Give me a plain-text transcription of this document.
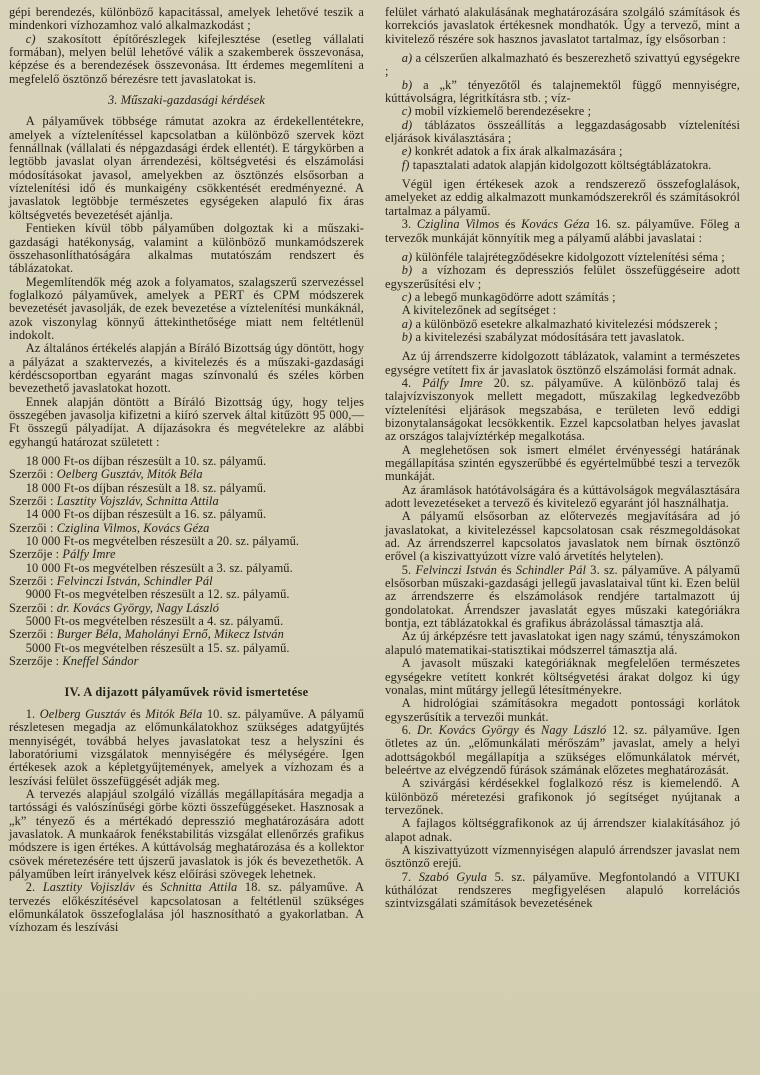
gépi berendezés, különböző kapacitással, amelyek lehetővé teszik a mindenkori vízhozamhoz való alkalmazkodást ;

c) szakosított építőrészlegek kifejlesztése (esetleg vállalati formában), melyen belül lehetővé válik a szakemberek összevonása, képzése és a berendezések összevonása. Itt érdemes megemlíteni a megfelelő ösztönző bérezésre tett javaslatokat is.

3. Műszaki-gazdasági kérdések

A pályaművek többsége rámutat azokra az érdekellentétekre, amelyek a víztelenítéssel kapcsolatban a különböző szervek közt fennállnak (vállalati és népgazdasági érdek ellentét). E tárgykörben a legtöbb javaslat olyan árrendezési, költségvetési és elszámolási módosításokat javasol, amelyekben az ösztönzés elsősorban a víztelenítési idő és munkaigény csökkentését eredményezné. A javaslatok legtöbbje természetes egységeken alapuló fix áras költségvetés bevezetését ajánlja.

Fentieken kívül több pályaműben dolgoztak ki a műszaki-gazdasági hatékonyság, valamint a különböző munkamódszerek összehasonlíthatóságára alkalmas mutatószám rendszert és táblázatokat.

Megemlítendők még azok a folyamatos, szalagszerű szervezéssel foglalkozó pályaművek, amelyek a PERT és CPM módszerek bevezetését javasolják, de ezek bevezetése a víztelenítési munkáknál, azok viszonylag könnyű áttekinthetősége miatt nem feltétlenül indokolt.

Az általános értékelés alapján a Bíráló Bizottság úgy döntött, hogy a pályázat a szaktervezés, a kivitelezés és a műszaki-gazdasági kérdéscsoportban egyaránt magas színvonalú és széles körben bevezethető javaslatokat hozott.

Ennek alapján döntött a Bíráló Bizottság úgy, hogy teljes összegében javasolja kifizetni a kiíró szervek által kitűzött 95 000,— Ft összegű pályadíjat. A díjazásokra és megvételekre az alábbi egyhangú határozat született :

18 000 Ft-os díjban részesült a 10. sz. pályamű.

Szerzői : Oelberg Gusztáv, Mitók Béla

18 000 Ft-os díjban részesült a 18. sz. pályamű.

Szerzői : Lasztity Vojszláv, Schnitta Attila

14 000 Ft-os díjban részesült a 16. sz. pályamű.

Szerzői : Cziglina Vilmos, Kovács Géza

10 000 Ft-os megvételben részesült a 20. sz. pályamű.

Szerzője : Pálfy Imre

10 000 Ft-os megvételben részesült a 3. sz. pályamű.

Szerzői : Felvinczi István, Schindler Pál

9000 Ft-os megvételben részesült a 12. sz. pályamű.

Szerzői : dr. Kovács György, Nagy László

5000 Ft-os megvételben részesült a 4. sz. pályamű.

Szerzői : Burger Béla, Maholányi Ernő, Mikecz István

5000 Ft-os megvételben részesült a 15. sz. pályamű.

Szerzője : Kneffel Sándor

IV. A dijazott pályaművek rövid ismertetése

1. Oelberg Gusztáv és Mitók Béla 10. sz. pályaműve. A pályamű részletesen megadja az előmunkálatokhoz szükséges adatgyűjtés mennyiségét, továbbá helyes javaslatokat tesz a helyszíni és laboratóriumi vizsgálatok mennyiségére és mélységére. Igen értékesek azok a képletgyűjtemények, amelyek a vízhozam és a leszívási felület összefüggését adják meg.

A tervezés alapjául szolgáló vízállás megállapítására megadja a tartóssági és valószínűségi görbe közti összefüggéseket. Hasznosak a „k” tényező és a mértékadó depresszió meghatározására adott javaslatok. A munkaárok fenékstabilitás vizsgálat ellenőrzés grafikus módszere is igen értékes. A kúttávolság meghatározása és a kollektor csövek méretezésére tett újszerű javaslatok is jók és bevezethetők. A pályaműben leírt irányelvek kész előírási szövegek lehetnek.

2. Lasztity Vojiszláv és Schnitta Attila 18. sz. pályaműve. A tervezés előkészítésével kapcsolatosan a feltétlenül szükséges előmunkálatok összefoglalása jól hasznosítható a gyakorlatban. A vízhozam és leszívási

felület várható alakulásának meghatározására szolgáló számítások és korrekciós javaslatok értékesnek mondhatók. Úgy a tervező, mint a kivitelező részére sok hasznos javaslatot tartalmaz, így elsősorban :

a) a célszerűen alkalmazható és beszerezhető szivattyú egységekre ;

b) a „k” tényezőtől és talajnemektől függő mennyiségre, kúttávolságra, légritkításra stb. ; víz-

c) mobil vízkiemelő berendezésekre ;

d) táblázatos összeállítás a leggazdaságosabb víztelenítési eljárások kiválasztására ;

e) konkrét adatok a fix árak alkalmazására ;

f) tapasztalati adatok alapján kidolgozott költségtáblázatokra.

Végül igen értékesek azok a rendszerező összefoglalások, amelyeket az eddig alkalmazott munkamódszerekről és számításokról tartalmaz a pályamű.

3. Cziglina Vilmos és Kovács Géza 16. sz. pályaműve. Főleg a tervezők munkáját könnyítik meg a pályamű alábbi javaslatai :

a) különféle talajrétegződésekre kidolgozott víztelenítési séma ;

b) a vízhozam és depressziós felület összefüggéseire adott egyszerűsítési elv ;

c) a lebegő munkagödörre adott számítás ;

A kivitelezőnek ad segítséget :

a) a különböző esetekre alkalmazható kivitelezési módszerek ;

b) a kivitelezési szabályzat módosítására tett javaslatok.

Az új árrendszerre kidolgozott táblázatok, valamint a természetes egységre vetített fix ár javaslatok ösztönző elszámolási formát adnak.

4. Pálfy Imre 20. sz. pályaműve. A különböző talaj és talajvízviszonyok mellett megadott, műszakilag legkedvezőbb víztelenítési eljárások megszabása, e területen levő eddigi bizonytalanságokat lecsökkentik. Ezzel kapcsolatban helyes javaslat az országos talajvíztérkép megalkotása.

A meglehetősen sok ismert elmélet érvényességi határának megállapítása szintén egyszerűbbé és egyértelműbbé teszi a tervezők munkáját.

Az áramlások hatótávolságára és a kúttávolságok megválasztására adott levezetéseket a tervező és kivitelező egyaránt jól használhatja.

A pályamű elsősorban az előtervezés megjavítására ad jó javaslatokat, a kivitelezéssel kapcsolatosan csak részmegoldásokat ad. Az árrendszerrel kapcsolatos javaslatok nem bírnak ösztönző erővel (a kiszivattyúzott vízre való árvetítés helytelen).

5. Felvinczi István és Schindler Pál 3. sz. pályaműve. A pályamű elsősorban műszaki-gazdasági jellegű javaslataival tűnt ki. Ezen belül az árrendszerre és elszámolások rendjére tartalmazott új gondolatokat. Árrendszer javaslatát egyes műszaki kategóriákra bontja, ezt táblázatokkal és grafikus ábrázolással támasztja alá.

Az új árképzésre tett javaslatokat igen nagy számú, tényszámokon alapuló matematikai-statisztikai módszerrel támasztja alá.

A javasolt műszaki kategóriáknak megfelelően természetes egységekre vetített konkrét költségvetési árakat dolgoz ki úgy vonalas, mint műtárgy jellegű létesítményekre.

A hidrológiai számításokra megadott pontossági korlátok egyszerűsítik a tervezői munkát.

6. Dr. Kovács György és Nagy László 12. sz. pályaműve. Igen ötletes az ún. „előmunkálati mérőszám” javaslat, amely a helyi adottságokból megállapítja a szükséges előmunkálatok mérvét, beleértve az elvégzendő fúrások számának előzetes meghatározását.

A szivárgási kérdésekkel foglalkozó rész is kiemelendő. A különböző méretezési grafikonok jó segítséget nyújtanak a tervezőnek.

A fajlagos költséggrafikonok az új árrendszer kialakításához jó alapot adnak.

A kiszivattyúzott vízmennyiségen alapuló árrendszer javaslat nem ösztönző erejű.

7. Szabó Gyula 5. sz. pályaműve. Megfontolandó a VITUKI kúthálózat rendszeres megfigyelésen alapuló korrelációs szintvizsgálati számítások bevezetésének
